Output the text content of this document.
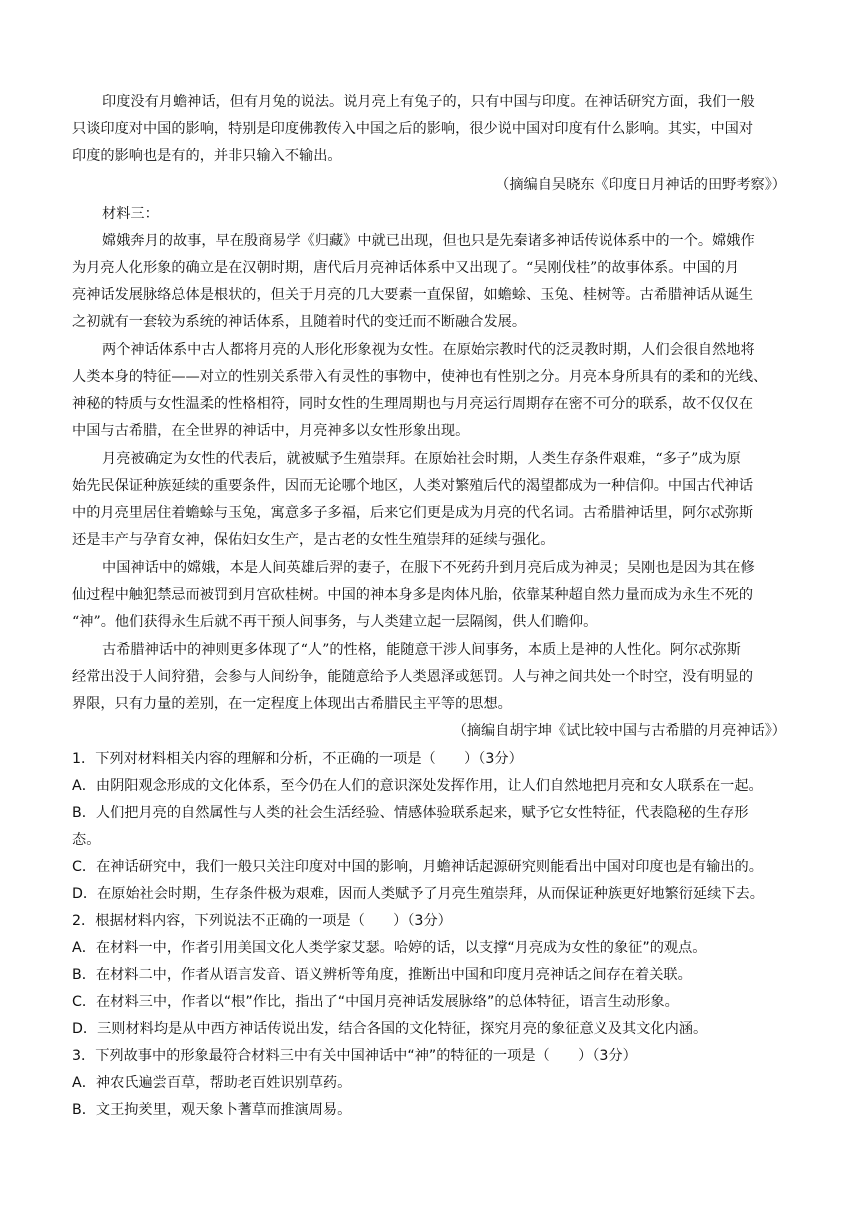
印度没有月蟾神话，但有月兔的说法。说月亮上有兔子的，只有中国与印度。在神话研究方面，我们一般
只谈印度对中国的影响，特别是印度佛教传入中国之后的影响，很少说中国对印度有什么影响。其实，中国对
印度的影响也是有的，并非只输入不输出。
（摘编自吴晓东《印度日月神话的田野考察》）
材料三：
嫦娥奔月的故事，早在殷商易学《归藏》中就已出现，但也只是先秦诸多神话传说体系中的一个。嫦娥作
为月亮人化形象的确立是在汉朝时期，唐代后月亮神话体系中又出现了。“吴刚伐桂”的故事体系。中国的月
亮神话发展脉络总体是根状的，但关于月亮的几大要素一直保留，如蟾蜍、玉兔、桂树等。古希腊神话从诞生
之初就有一套较为系统的神话体系，且随着时代的变迁而不断融合发展。
两个神话体系中古人都将月亮的人形化形象视为女性。在原始宗教时代的泛灵教时期，人们会很自然地将
人类本身的特征——对立的性别关系带入有灵性的事物中，使神也有性别之分。月亮本身所具有的柔和的光线、
神秘的特质与女性温柔的性格相符，同时女性的生理周期也与月亮运行周期存在密不可分的联系，故不仅仅在
中国与古希腊，在全世界的神话中，月亮神多以女性形象出现。
月亮被确定为女性的代表后，就被赋予生殖崇拜。在原始社会时期，人类生存条件艰难，“多子”成为原
始先民保证种族延续的重要条件，因而无论哪个地区，人类对繁殖后代的渴望都成为一种信仰。中国古代神话
中的月亮里居住着蟾蜍与玉兔，寓意多子多福，后来它们更是成为月亮的代名词。古希腊神话里，阿尔忒弥斯
还是丰产与孕育女神，保佑妇女生产，是古老的女性生殖崇拜的延续与强化。
中国神话中的嫦娥，本是人间英雄后羿的妻子，在服下不死药升到月亮后成为神灵；吴刚也是因为其在修
仙过程中触犯禁忌而被罚到月宫砍桂树。中国的神本身多是肉体凡胎，依靠某种超自然力量而成为永生不死的
“神”。他们获得永生后就不再干预人间事务，与人类建立起一层隔阂，供人们瞻仰。
古希腊神话中的神则更多体现了“人”的性格，能随意干涉人间事务，本质上是神的人性化。阿尔忒弥斯
经常出没于人间狩猎，会参与人间纷争，能随意给予人类恩泽或惩罚。人与神之间共处一个时空，没有明显的
界限，只有力量的差别，在一定程度上体现出古希腊民主平等的思想。
（摘编自胡宇坤《试比较中国与古希腊的月亮神话》）
1．下列对材料相关内容的理解和分析，不正确的一项是（　　）（3分）
A．由阴阳观念形成的文化体系，至今仍在人们的意识深处发挥作用，让人们自然地把月亮和女人联系在一起。
B．人们把月亮的自然属性与人类的社会生活经验、情感体验联系起来，赋予它女性特征，代表隐秘的生存形
态。
C．在神话研究中，我们一般只关注印度对中国的影响，月蟾神话起源研究则能看出中国对印度也是有输出的。
D．在原始社会时期，生存条件极为艰难，因而人类赋予了月亮生殖崇拜，从而保证种族更好地繁衍延续下去。
2．根据材料内容，下列说法不正确的一项是（　　）（3分）
A．在材料一中，作者引用美国文化人类学家艾瑟。哈婷的话，以支撑“月亮成为女性的象征”的观点。
B．在材料二中，作者从语言发音、语义辨析等角度，推断出中国和印度月亮神话之间存在着关联。
C．在材料三中，作者以“根”作比，指出了“中国月亮神话发展脉络”的总体特征，语言生动形象。
D．三则材料均是从中西方神话传说出发，结合各国的文化特征，探究月亮的象征意义及其文化内涵。
3．下列故事中的形象最符合材料三中有关中国神话中“神”的特征的一项是（　　）（3分）
A．神农氏遍尝百草，帮助老百姓识别草药。
B．文王拘羑里，观天象卜蓍草而推演周易。
